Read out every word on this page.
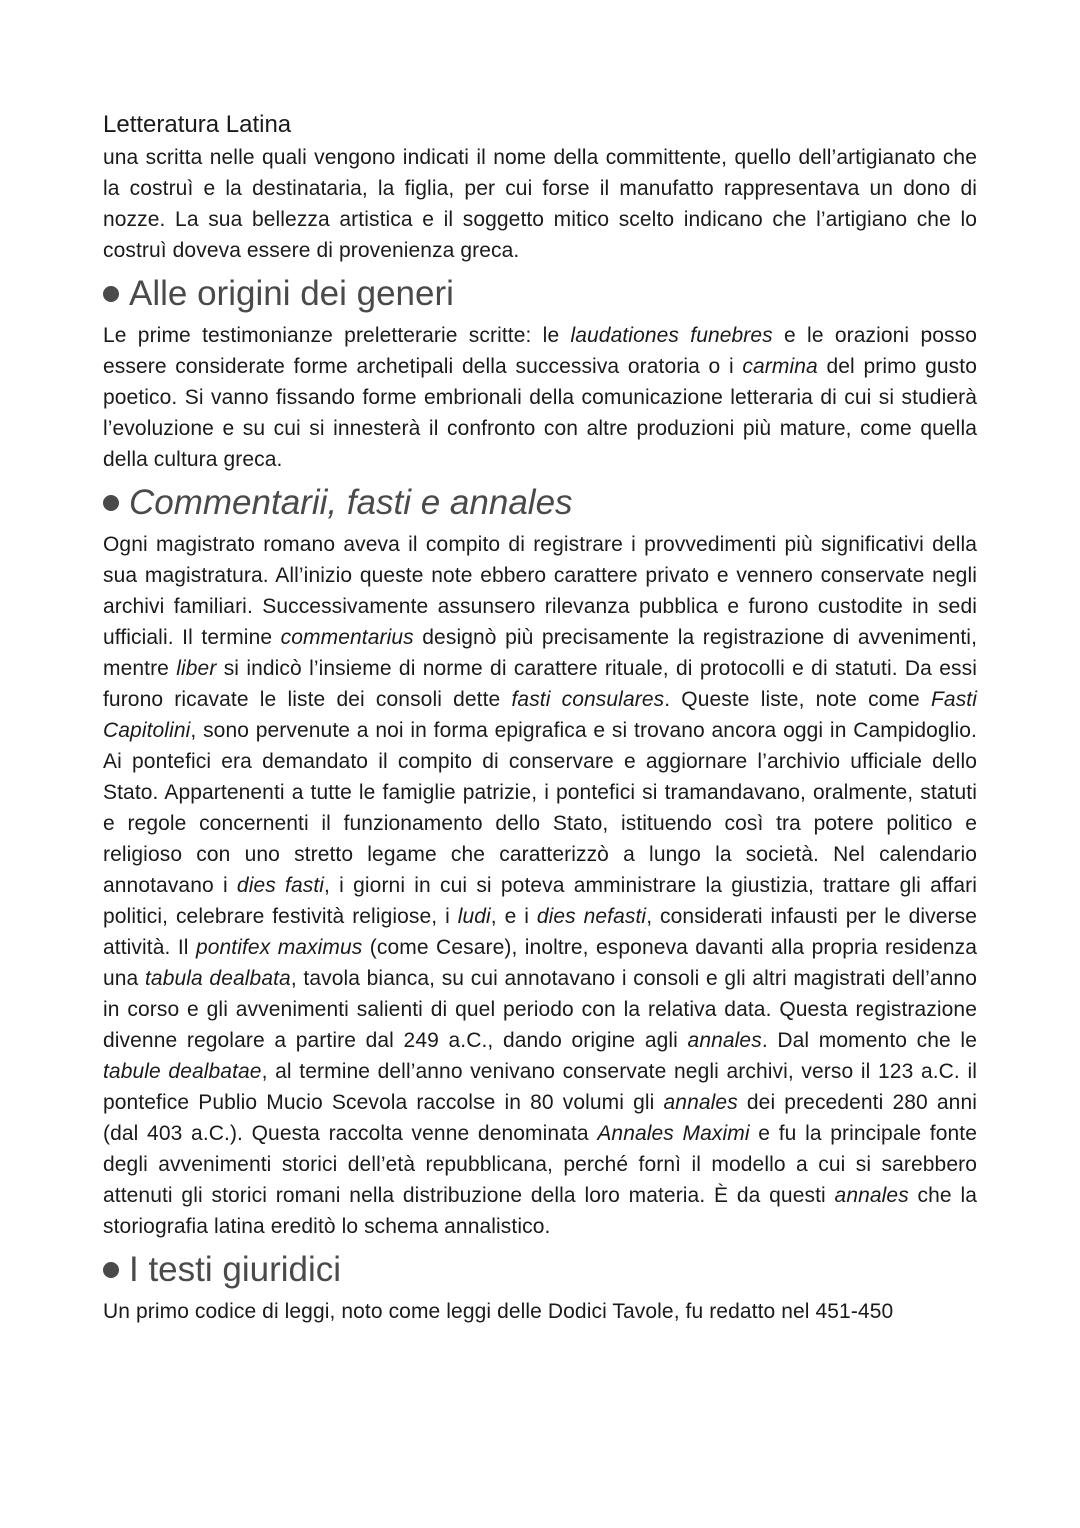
Letteratura Latina

una scritta nelle quali vengono indicati il nome della committente, quello dell’artigianato che la costruì e la destinataria, la figlia, per cui forse il manufatto rappresentava un dono di nozze. La sua bellezza artistica e il soggetto mitico scelto indicano che l’artigiano che lo costruì doveva essere di provenienza greca.

Alle origini dei generi

Le prime testimonianze preletterarie scritte: le laudationes funebres e le orazioni posso essere considerate forme archetipali della successiva oratoria o i carmina del primo gusto poetico. Si vanno fissando forme embrionali della comunicazione letteraria di cui si studierà l’evoluzione e su cui si innesterà il confronto con altre produzioni più mature, come quella della cultura greca.

Commentarii, fasti e annales

Ogni magistrato romano aveva il compito di registrare i provvedimenti più significativi della sua magistratura. All’inizio queste note ebbero carattere privato e vennero conservate negli archivi familiari. Successivamente assunsero rilevanza pubblica e furono custodite in sedi ufficiali. Il termine commentarius designò più precisamente la registrazione di avvenimenti, mentre liber si indicò l’insieme di norme di carattere rituale, di protocolli e di statuti. Da essi furono ricavate le liste dei consoli dette fasti consulares. Queste liste, note come Fasti Capitolini, sono pervenute a noi in forma epigrafica e si trovano ancora oggi in Campidoglio. Ai pontefici era demandato il compito di conservare e aggiornare l’archivio ufficiale dello Stato. Appartenenti a tutte le famiglie patrizie, i pontefici si tramandavano, oralmente, statuti e regole concernenti il funzionamento dello Stato, istituendo così tra potere politico e religioso con uno stretto legame che caratterizzò a lungo la società. Nel calendario annotavano i dies fasti, i giorni in cui si poteva amministrare la giustizia, trattare gli affari politici, celebrare festività religiose, i ludi, e i dies nefasti, considerati infausti per le diverse attività. Il pontifex maximus (come Cesare), inoltre, esponeva davanti alla propria residenza una tabula dealbata, tavola bianca, su cui annotavano i consoli e gli altri magistrati dell’anno in corso e gli avvenimenti salienti di quel periodo con la relativa data. Questa registrazione divenne regolare a partire dal 249 a.C., dando origine agli annales. Dal momento che le tabule dealbatae, al termine dell’anno venivano conservate negli archivi, verso il 123 a.C. il pontefice Publio Mucio Scevola raccolse in 80 volumi gli annales dei precedenti 280 anni (dal 403 a.C.). Questa raccolta venne denominata Annales Maximi e fu la principale fonte degli avvenimenti storici dell’età repubblicana, perché fornì il modello a cui si sarebbero attenuti gli storici romani nella distribuzione della loro materia. È da questi annales che la storiografia latina ereditò lo schema annalistico.

I testi giuridici

Un primo codice di leggi, noto come leggi delle Dodici Tavole, fu redatto nel 451-450
